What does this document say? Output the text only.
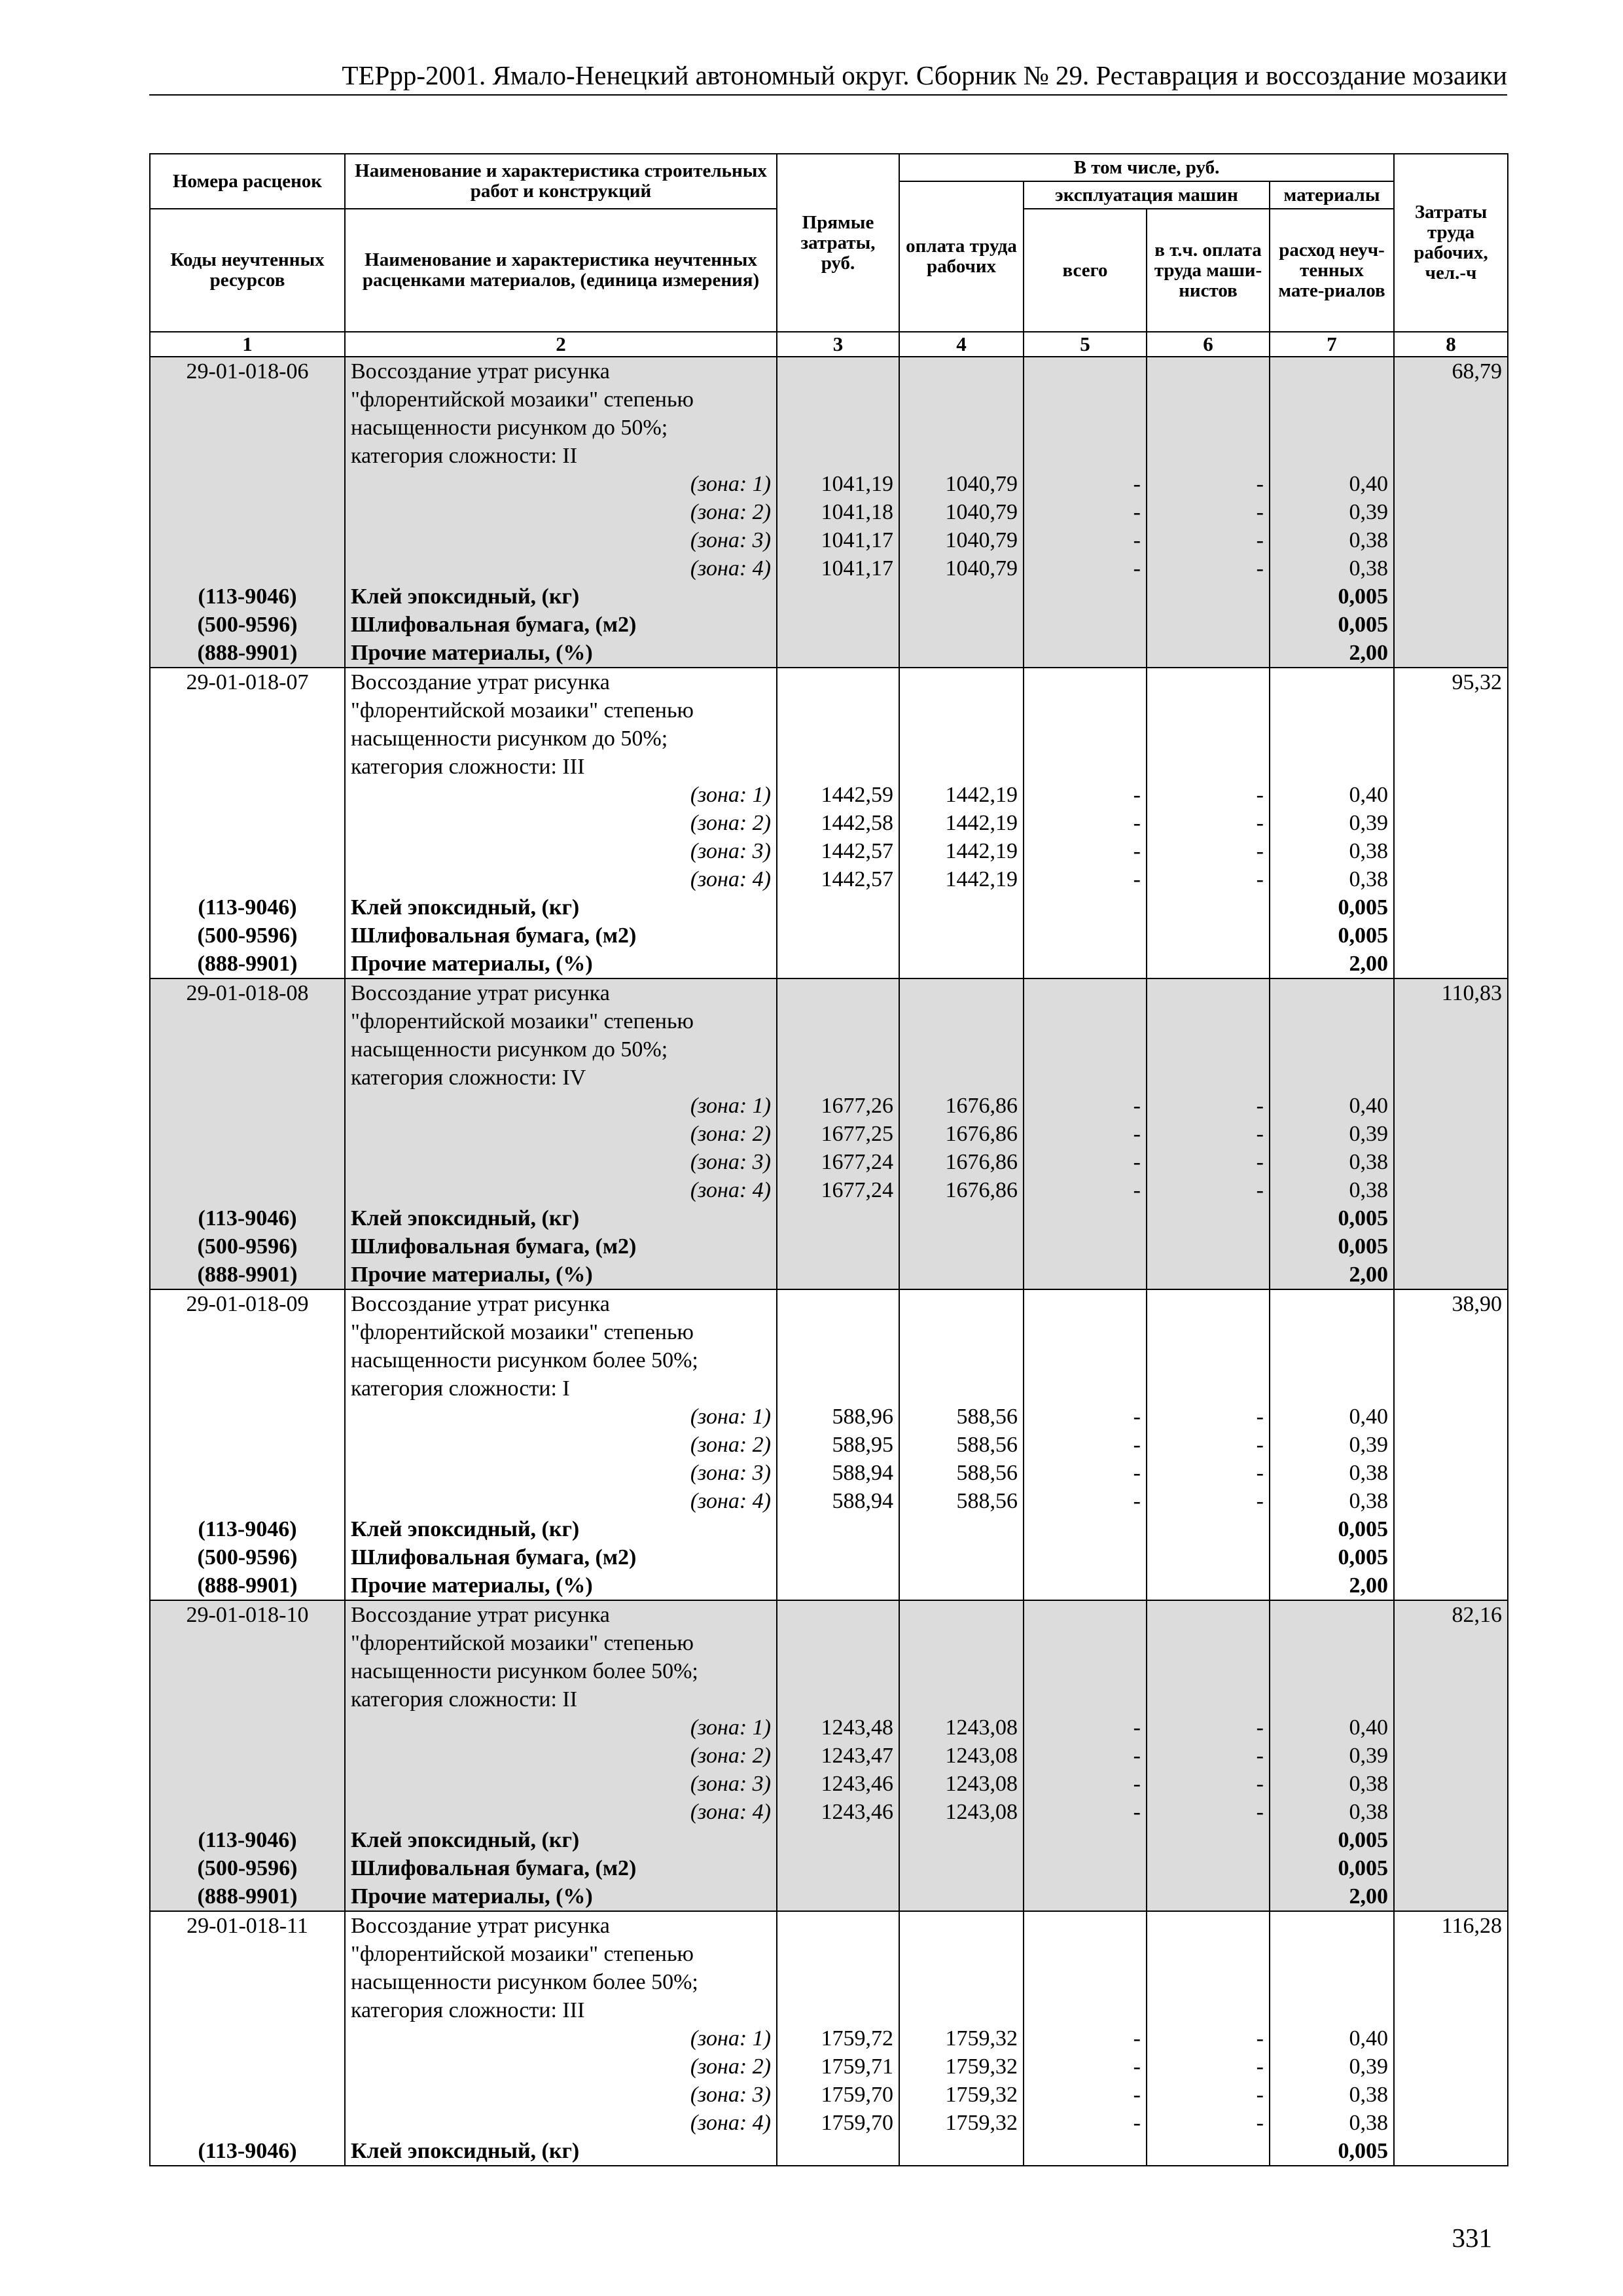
ТЕРрр-2001. Ямало-Ненецкий автономный округ. Сборник № 29. Реставрация и воссоздание мозаики
Номера расценок	Наименование и характеристика строительных работ и конструкций	Прямые затраты, руб.	В том числе, руб.				Затраты труда рабочих, чел.-ч
			оплата труда рабочих	эксплуатация машин		материалы	
Коды неучтенных ресурсов	Наименование и характеристика неучтенных расценками материалов, (единица измерения)			всего	в т.ч. оплата труда маши-нистов	расход неуч-тенных мате-риалов	

1	2	3	4	5	6	7	8
29-01-018-06	Воссоздание утрат рисунка						68,79
	"флорентийской мозаики" степенью						
	насыщенности рисунком до 50%;						
	категория сложности: II						
	(зона: 1)	1041,19	1040,79	-	-	0,40	
	(зона: 2)	1041,18	1040,79	-	-	0,39	
	(зона: 3)	1041,17	1040,79	-	-	0,38	
	(зона: 4)	1041,17	1040,79	-	-	0,38	
(113-9046)	Клей эпоксидный, (кг)					0,005	
(500-9596)	Шлифовальная бумага, (м2)					0,005	
(888-9901)	Прочие материалы, (%)					2,00	
29-01-018-07	Воссоздание утрат рисунка						95,32
	"флорентийской мозаики" степенью						
	насыщенности рисунком до 50%;						
	категория сложности: III						
	(зона: 1)	1442,59	1442,19	-	-	0,40	
	(зона: 2)	1442,58	1442,19	-	-	0,39	
	(зона: 3)	1442,57	1442,19	-	-	0,38	
	(зона: 4)	1442,57	1442,19	-	-	0,38	
(113-9046)	Клей эпоксидный, (кг)					0,005	
(500-9596)	Шлифовальная бумага, (м2)					0,005	
(888-9901)	Прочие материалы, (%)					2,00	
29-01-018-08	Воссоздание утрат рисунка						110,83
	"флорентийской мозаики" степенью						
	насыщенности рисунком до 50%;						
	категория сложности: IV						
	(зона: 1)	1677,26	1676,86	-	-	0,40	
	(зона: 2)	1677,25	1676,86	-	-	0,39	
	(зона: 3)	1677,24	1676,86	-	-	0,38	
	(зона: 4)	1677,24	1676,86	-	-	0,38	
(113-9046)	Клей эпоксидный, (кг)					0,005	
(500-9596)	Шлифовальная бумага, (м2)					0,005	
(888-9901)	Прочие материалы, (%)					2,00	
29-01-018-09	Воссоздание утрат рисунка						38,90
	"флорентийской мозаики" степенью						
	насыщенности рисунком более 50%;						
	категория сложности: I						
	(зона: 1)	588,96	588,56	-	-	0,40	
	(зона: 2)	588,95	588,56	-	-	0,39	
	(зона: 3)	588,94	588,56	-	-	0,38	
	(зона: 4)	588,94	588,56	-	-	0,38	
(113-9046)	Клей эпоксидный, (кг)					0,005	
(500-9596)	Шлифовальная бумага, (м2)					0,005	
(888-9901)	Прочие материалы, (%)					2,00	
29-01-018-10	Воссоздание утрат рисунка						82,16
	"флорентийской мозаики" степенью						
	насыщенности рисунком более 50%;						
	категория сложности: II						
	(зона: 1)	1243,48	1243,08	-	-	0,40	
	(зона: 2)	1243,47	1243,08	-	-	0,39	
	(зона: 3)	1243,46	1243,08	-	-	0,38	
	(зона: 4)	1243,46	1243,08	-	-	0,38	
(113-9046)	Клей эпоксидный, (кг)					0,005	
(500-9596)	Шлифовальная бумага, (м2)					0,005	
(888-9901)	Прочие материалы, (%)					2,00	
29-01-018-11	Воссоздание утрат рисунка						116,28
	"флорентийской мозаики" степенью						
	насыщенности рисунком более 50%;						
	категория сложности: III						
	(зона: 1)	1759,72	1759,32	-	-	0,40	
	(зона: 2)	1759,71	1759,32	-	-	0,39	
	(зона: 3)	1759,70	1759,32	-	-	0,38	
	(зона: 4)	1759,70	1759,32	-	-	0,38	
(113-9046)	Клей эпоксидный, (кг)					0,005	
331
